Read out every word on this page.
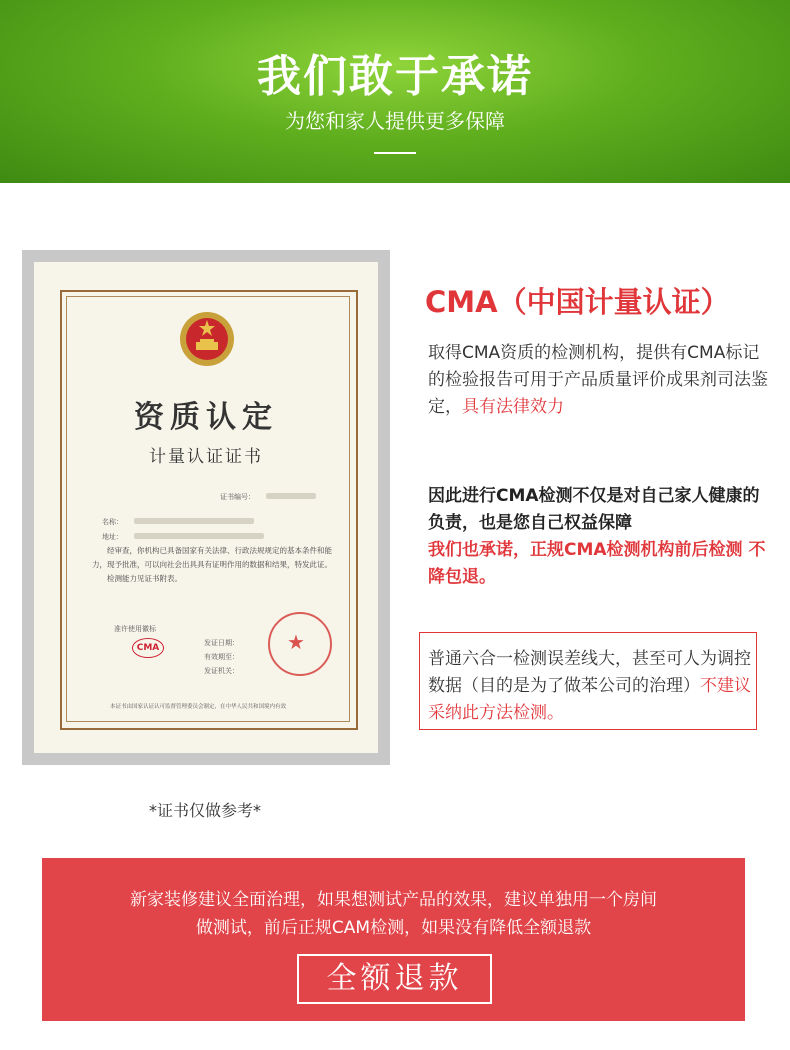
我们敢于承诺
为您和家人提供更多保障
资质认定
计量认证证书
证书编号：
名称：
地址：
经审查，你机构已具备国家有关法律、行政法规规定的基本条件和能力，现予批准，可以向社会出具具有证明作用的数据和结果，特发此证。
检测能力见证书附表。
准许使用徽标
CMA	发证日期：
有效期至：
发证机关：
★
本证书由国家认证认可监督管理委员会制定，在中华人民共和国境内有效
*证书仅做参考*
CMA（中国计量认证）
取得CMA资质的检测机构，提供有CMA标记的检验报告可用于产品质量评价成果剂司法鉴定，具有法律效力
因此进行CMA检测不仅是对自己家人健康的负责，也是您自己权益保障
我们也承诺，正规CMA检测机构前后检测 不降包退。
普通六合一检测误差线大，甚至可人为调控数据（目的是为了做苯公司的治理）不建议采纳此方法检测。
新家装修建议全面治理，如果想测试产品的效果，建议单独用一个房间
做测试，前后正规CAM检测，如果没有降低全额退款
全额退款
